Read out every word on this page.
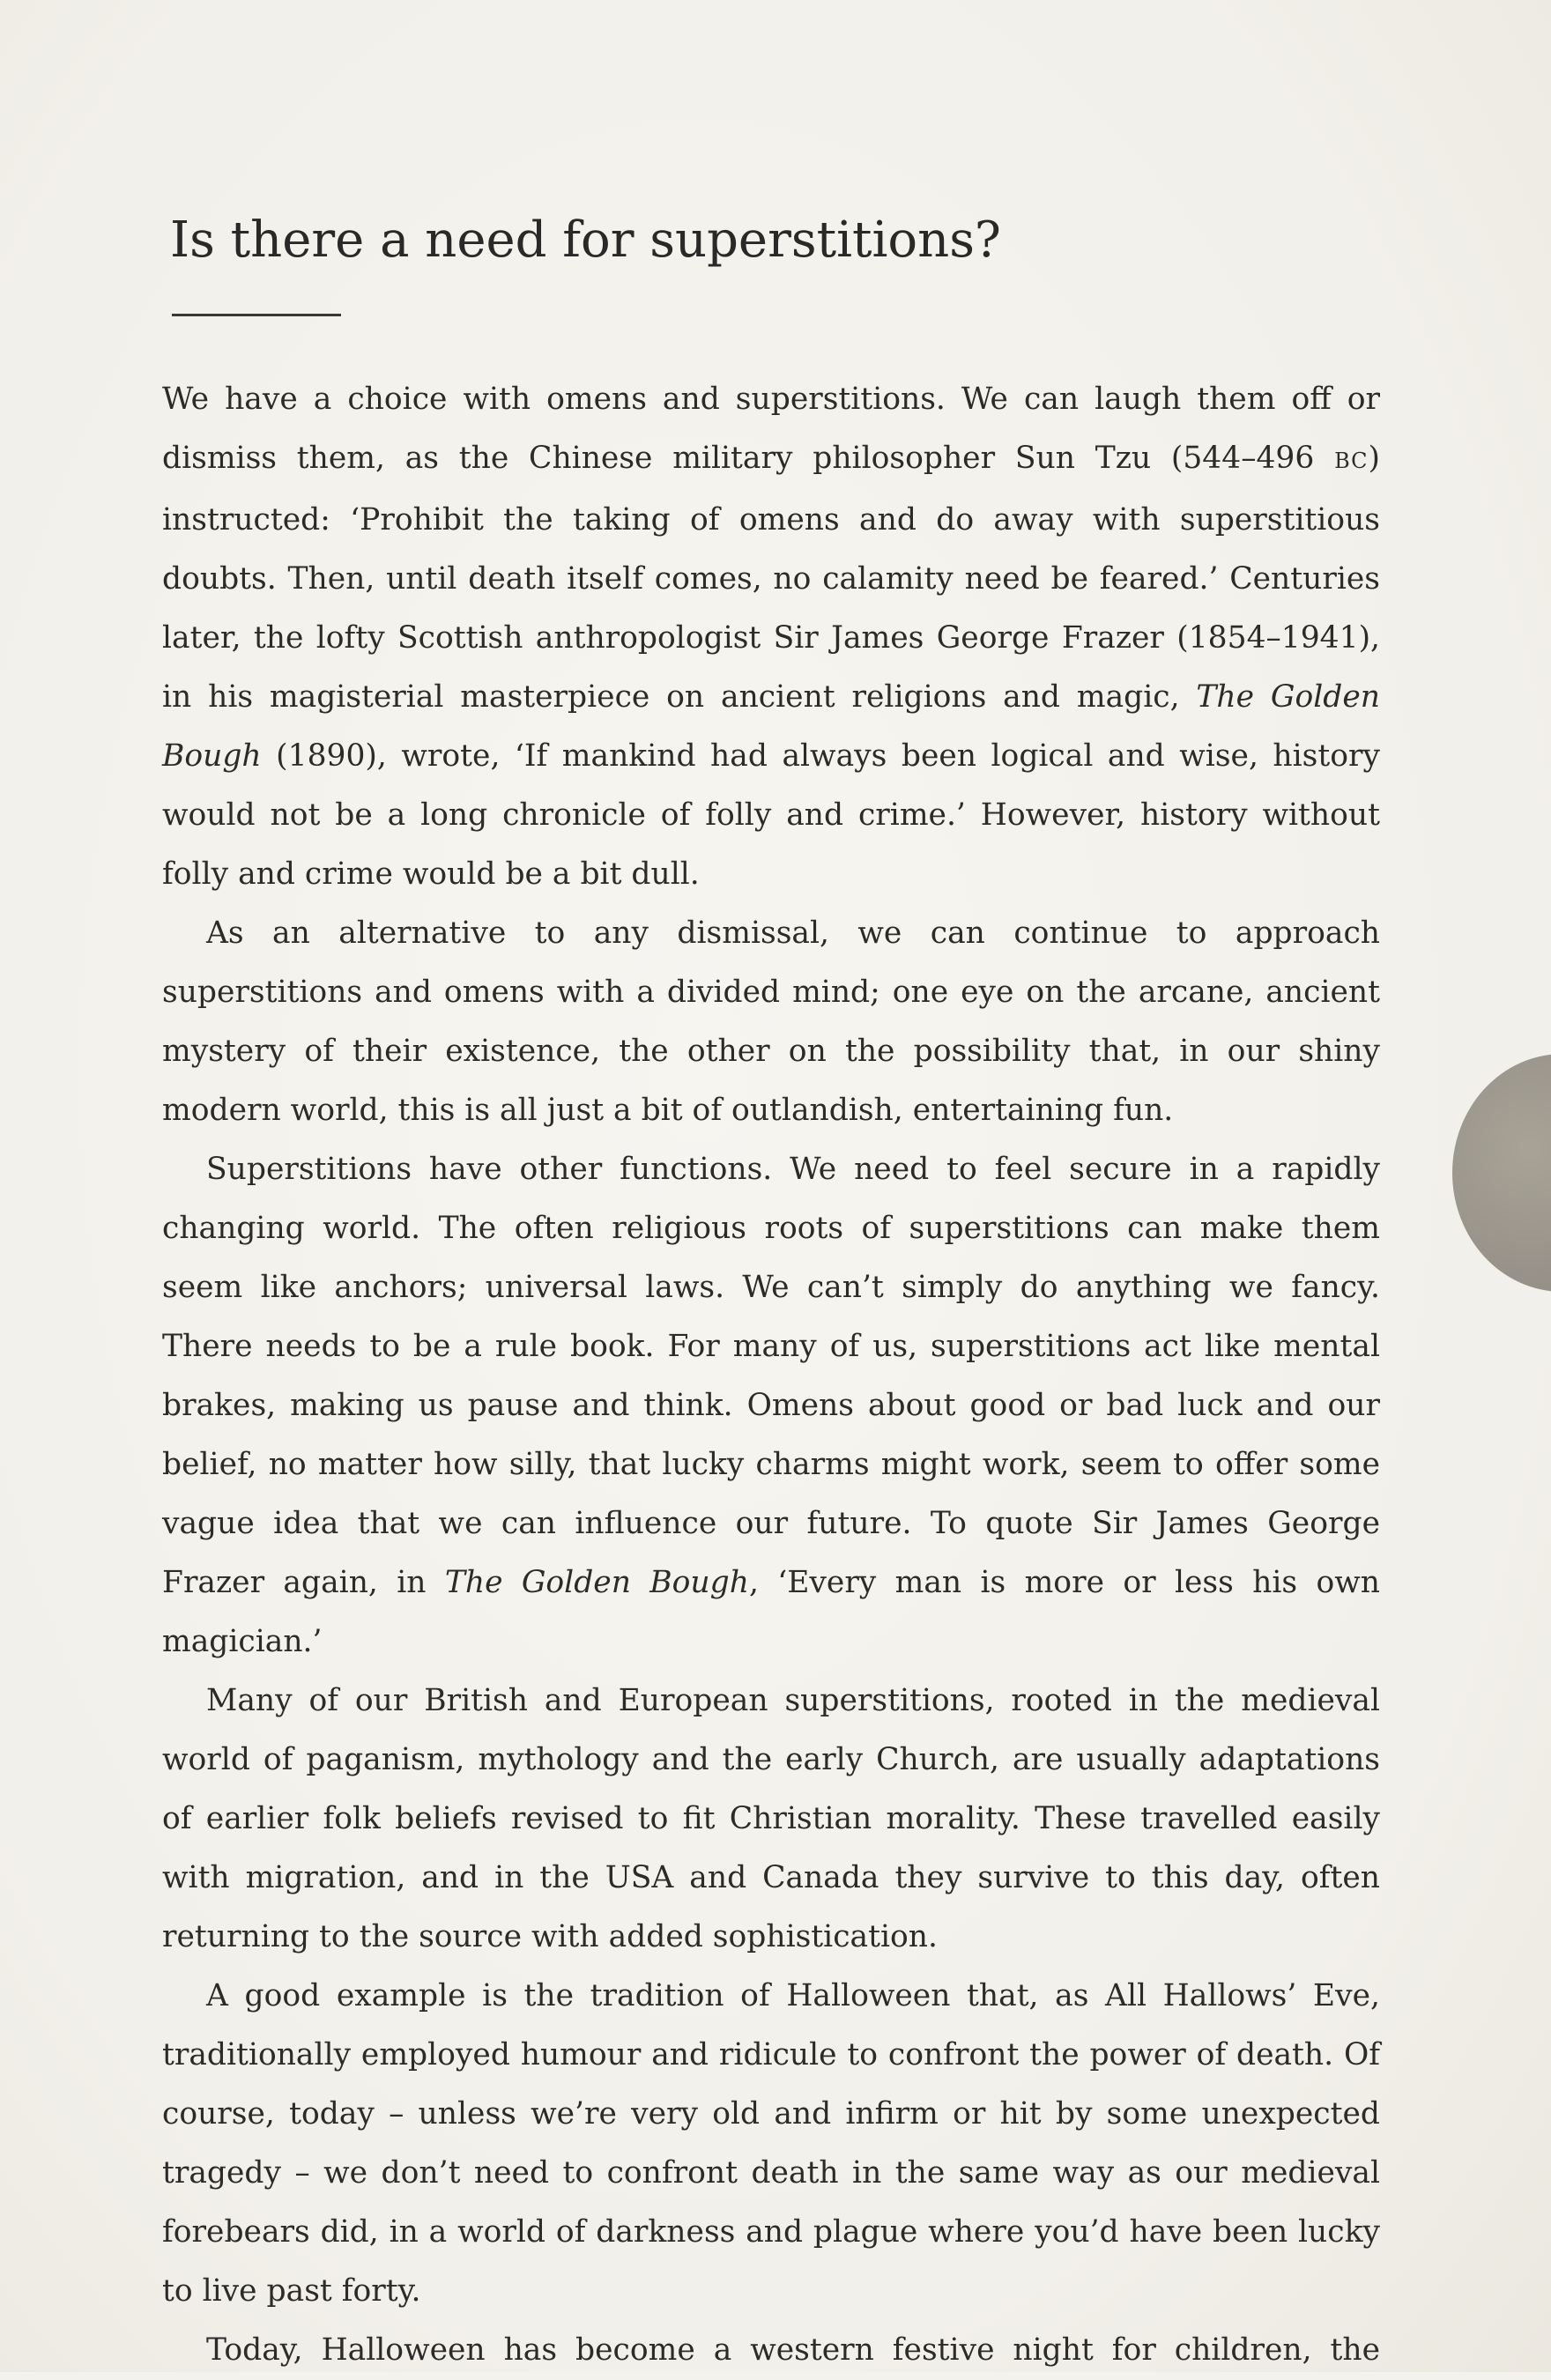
Is there a need for superstitions?

We have a choice with omens and superstitions. We can laugh them off or dismiss them, as the Chinese military philosopher Sun Tzu (544–496 BC) instructed: ‘Prohibit the taking of omens and do away with superstitious doubts. Then, until death itself comes, no calamity need be feared.’ Centuries later, the lofty Scottish anthropologist Sir James George Frazer (1854–1941), in his magisterial masterpiece on ancient religions and magic, The Golden Bough (1890), wrote, ‘If mankind had always been logical and wise, history would not be a long chronicle of folly and crime.’ However, history without folly and crime would be a bit dull.

As an alternative to any dismissal, we can continue to approach superstitions and omens with a divided mind; one eye on the arcane, ancient mystery of their existence, the other on the possibility that, in our shiny modern world, this is all just a bit of outlandish, entertaining fun.

Superstitions have other functions. We need to feel secure in a rapidly changing world. The often religious roots of superstitions can make them seem like anchors; universal laws. We can’t simply do anything we fancy. There needs to be a rule book. For many of us, superstitions act like mental brakes, making us pause and think. Omens about good or bad luck and our belief, no matter how silly, that lucky charms might work, seem to offer some vague idea that we can influence our future. To quote Sir James George Frazer again, in The Golden Bough, ‘Every man is more or less his own magician.’

Many of our British and European superstitions, rooted in the medieval world of paganism, mythology and the early Church, are usually adaptations of earlier folk beliefs revised to fit Christian morality. These travelled easily with migration, and in the USA and Canada they survive to this day, often returning to the source with added sophistication.

A good example is the tradition of Halloween that, as All Hallows’ Eve, traditionally employed humour and ridicule to confront the power of death. Of course, today – unless we’re very old and infirm or hit by some unexpected tragedy – we don’t need to confront death in the same way as our medieval forebears did, in a world of darkness and plague where you’d have been lucky to live past forty.

Today, Halloween has become a western festive night for children, the
